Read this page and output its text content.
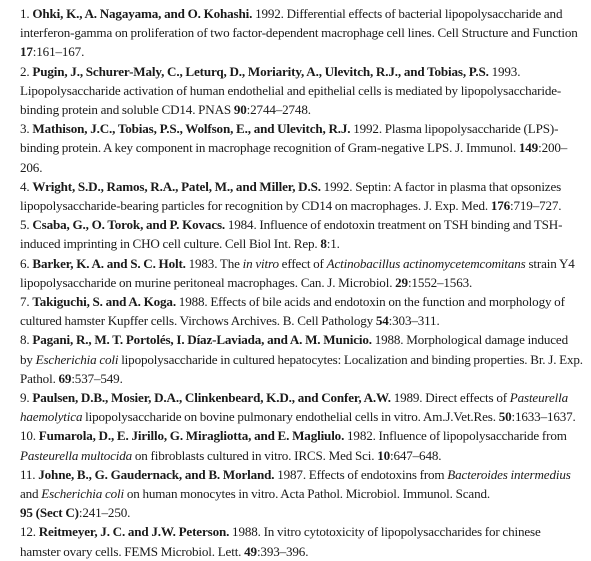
1. Ohki, K., A. Nagayama, and O. Kohashi. 1992. Differential effects of bacterial lipopolysaccharide and interferon-gamma on proliferation of two factor-dependent macrophage cell lines. Cell Structure and Function 17:161–167.
2. Pugin, J., Schurer-Maly, C., Leturq, D., Moriarity, A., Ulevitch, R.J., and Tobias, P.S. 1993. Lipopolysaccharide activation of human endothelial and epithelial cells is mediated by lipopolysaccharide-binding protein and soluble CD14. PNAS 90:2744–2748.
3. Mathison, J.C., Tobias, P.S., Wolfson, E., and Ulevitch, R.J. 1992. Plasma lipopolysaccharide (LPS)-binding protein. A key component in macrophage recognition of Gram-negative LPS. J. Immunol. 149:200–206.
4. Wright, S.D., Ramos, R.A., Patel, M., and Miller, D.S. 1992. Septin: A factor in plasma that opsonizes lipopolysaccharide-bearing particles for recognition by CD14 on macrophages. J. Exp. Med. 176:719–727.
5. Csaba, G., O. Torok, and P. Kovacs. 1984. Influence of endotoxin treatment on TSH binding and TSH-induced imprinting in CHO cell culture. Cell Biol Int. Rep. 8:1.
6. Barker, K. A. and S. C. Holt. 1983. The in vitro effect of Actinobacillus actinomycetemcomitans strain Y4 lipopolysaccharide on murine peritoneal macrophages. Can. J. Microbiol. 29:1552–1563.
7. Takiguchi, S. and A. Koga. 1988. Effects of bile acids and endotoxin on the function and morphology of cultured hamster Kupffer cells. Virchows Archives. B. Cell Pathology 54:303–311.
8. Pagani, R., M. T. Portolés, I. Díaz-Laviada, and A. M. Municio. 1988. Morphological damage induced by Escherichia coli lipopolysaccharide in cultured hepatocytes: Localization and binding properties. Br. J. Exp. Pathol. 69:537–549.
9. Paulsen, D.B., Mosier, D.A., Clinkenbeard, K.D., and Confer, A.W. 1989. Direct effects of Pasteurella haemolytica lipopolysaccharide on bovine pulmonary endothelial cells in vitro. Am.J.Vet.Res. 50:1633–1637.
10. Fumarola, D., E. Jirillo, G. Miragliotta, and E. Magliulo. 1982. Influence of lipopolysaccharide from Pasteurella multocida on fibroblasts cultured in vitro. IRCS. Med Sci. 10:647–648.
11. Johne, B., G. Gaudernack, and B. Morland. 1987. Effects of endotoxins from Bacteroides intermedius and Escherichia coli on human monocytes in vitro. Acta Pathol. Microbiol. Immunol. Scand.
95 (Sect C):241–250.
12. Reitmeyer, J. C. and J.W. Peterson. 1988. In vitro cytotoxicity of lipopolysaccharides for chinese hamster ovary cells. FEMS Microbiol. Lett. 49:393–396.
